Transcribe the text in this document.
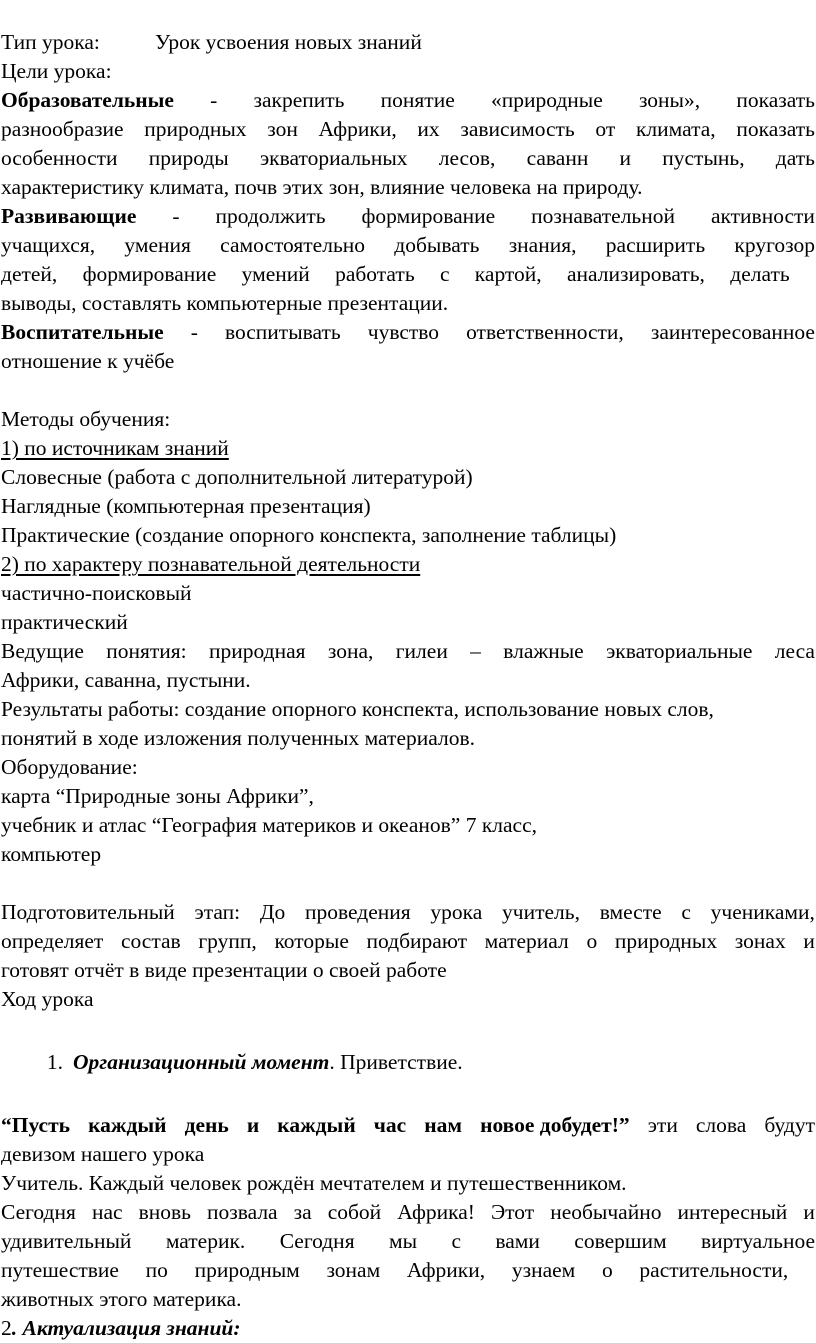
Тип урока:	Урок усвоения новых знаний

Цели урока:

Образовательные - закрепить понятие «природные зоны», показать

разнообразие природных зон Африки, их зависимость от климата, показать

особенности природы экваториальных лесов, саванн и пустынь, дать

характеристику климата, почв этих зон, влияние человека на природу.

Развивающие - продолжить формирование познавательной активности

учащихся, умения самостоятельно добывать знания, расширить кругозор

детей, формирование умений работать с картой, анализировать, делать

выводы, составлять компьютерные презентации.

Воспитательные - воспитывать чувство ответственности, заинтересованное

отношение к учёбе

Методы обучения:

1) по источникам знаний

Словесные (работа с дополнительной литературой)

Наглядные (компьютерная презентация)

Практические (создание опорного конспекта, заполнение таблицы)

2) по характеру познавательной деятельности

частично-поисковый

практический

Ведущие понятия: природная зона, гилеи – влажные экваториальные леса

Африки, саванна, пустыни.

Результаты работы: создание опорного конспекта, использование новых слов,

понятий в ходе изложения полученных материалов.

Оборудование:

карта “Природные зоны Африки”,

учебник и атлас “География материков и океанов” 7 класс,

компьютер

Подготовительный этап: До проведения урока учитель, вместе с учениками,

определяет состав групп, которые подбирают материал о природных зонах и

готовят отчёт в виде презентации о своей работе

Ход урока

1. Организационный момент. Приветствие.

“Пусть каждый день и каждый час нам новое добудет!” эти слова будут

девизом нашего урока

Учитель. Каждый человек рождён мечтателем и путешественником.

Сегодня нас вновь позвала за собой Африка! Этот необычайно интересный и

удивительный материк. Сегодня мы с вами совершим виртуальное

путешествие по природным зонам Африки, узнаем о растительности,

животных этого материка.

2. Актуализация знаний:
